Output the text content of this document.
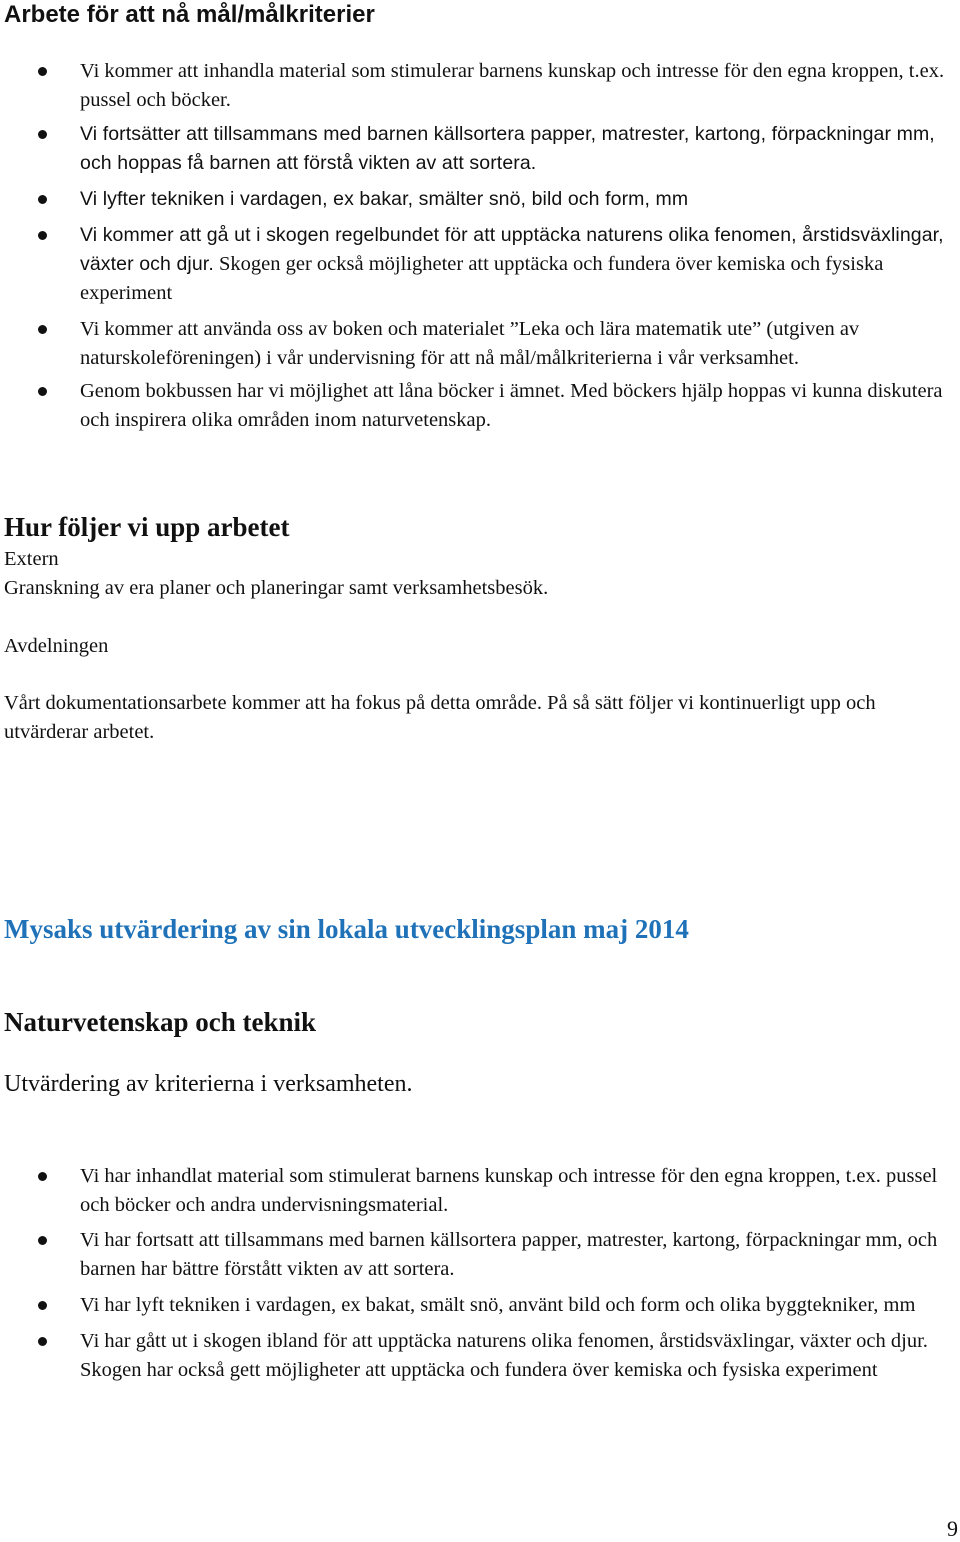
Arbete för att nå mål/målkriterier
Vi kommer att inhandla material som stimulerar barnens kunskap och intresse för den egna kroppen, t.ex. pussel och böcker.
Vi fortsätter att tillsammans med barnen källsortera papper, matrester, kartong, förpackningar mm, och hoppas få barnen att förstå vikten av att sortera.
Vi lyfter tekniken i vardagen, ex bakar, smälter snö, bild och form, mm
Vi kommer att gå ut i skogen regelbundet för att upptäcka naturens olika fenomen, årstidsväxlingar, växter och djur. Skogen ger också möjligheter att upptäcka och fundera över kemiska och fysiska experiment
Vi kommer att använda oss av boken och materialet ”Leka och lära matematik ute” (utgiven av naturskoleföreningen) i vår undervisning för att nå mål/målkriterierna i vår verksamhet.
Genom bokbussen har vi möjlighet att låna böcker i ämnet. Med böckers hjälp hoppas vi kunna diskutera och inspirera olika områden inom naturvetenskap.
Hur följer vi upp arbetet

Extern

Granskning av era planer och planeringar samt verksamhetsbesök.

Avdelningen

Vårt dokumentationsarbete kommer att ha fokus på detta område. På så sätt följer vi kontinuerligt upp och utvärderar arbetet.

Mysaks utvärdering av sin lokala utvecklingsplan maj 2014
Naturvetenskap och teknik

Utvärdering av kriterierna i verksamheten.

Vi har inhandlat material som stimulerat barnens kunskap och intresse för den egna kroppen, t.ex. pussel och böcker och andra undervisningsmaterial.
Vi har fortsatt att tillsammans med barnen källsortera papper, matrester, kartong, förpackningar mm, och barnen har bättre förstått vikten av att sortera.
Vi har lyft tekniken i vardagen, ex bakat, smält snö, använt bild och form och olika byggtekniker, mm
Vi har gått ut i skogen ibland för att upptäcka naturens olika fenomen, årstidsväxlingar, växter och djur. Skogen har också gett möjligheter att upptäcka och fundera över kemiska och fysiska experiment
9
